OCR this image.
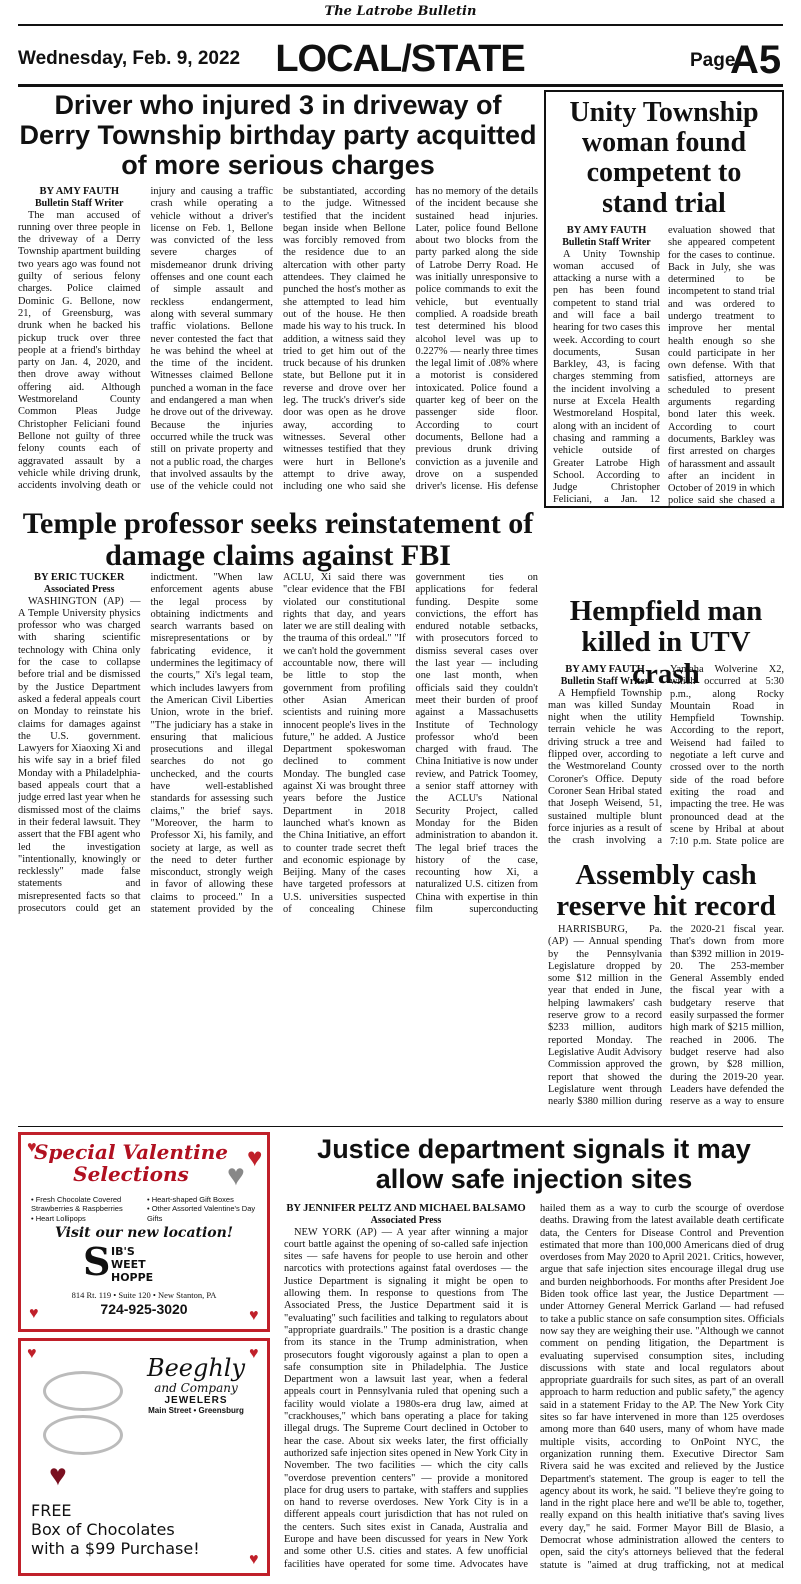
The Latrobe Bulletin
Wednesday, Feb. 9, 2022 LOCAL/STATE	Page
A5
Driver who injured 3 in driveway of Derry Township birthday party acquitted of more serious charges
BY AMY FAUTH
Bulletin Staff Writer

The man accused of running over three people in the driveway of a Derry Township apartment building two years ago was found not guilty of serious felony charges. Police claimed Dominic G. Bellone, now 21, of Greensburg, was drunk when he backed his pickup truck over three people at a friend's birthday party on Jan. 4, 2020, and then drove away without offering aid. Although Westmoreland County Common Pleas Judge Christopher Feliciani found Bellone not guilty of three felony counts each of aggravated assault by a vehicle while driving drunk, accidents involving death or injury and causing a traffic crash while operating a vehicle without a driver's license on Feb. 1, Bellone was convicted of the less severe charges of misdemeanor drunk driving offenses and one count each of simple assault and reckless endangerment, along with several summary traffic violations. Bellone never contested the fact that he was behind the wheel at the time of the incident. Witnesses claimed Bellone punched a woman in the face and endangered a man when he drove out of the driveway. Because the injuries occurred while the truck was still on private property and not a public road, the charges that involved assaults by the use of the vehicle could not be substantiated, according to the judge. Witnessed testified that the incident began inside when Bellone was forcibly removed from the residence due to an altercation with other party attendees. They claimed he punched the host's mother as she attempted to lead him out of the house. He then made his way to his truck. In addition, a witness said they tried to get him out of the truck because of his drunken state, but Bellone put it in reverse and drove over her leg. The truck's driver's side door was open as he drove away, according to witnesses. Several other witnesses testified that they were hurt in Bellone's attempt to drive away, including one who said she has no memory of the details of the incident because she sustained head injuries. Later, police found Bellone about two blocks from the party parked along the side of Latrobe Derry Road. He was initially unresponsive to police commands to exit the vehicle, but eventually complied. A roadside breath test determined his blood alcohol level was up to 0.227% — nearly three times the legal limit of .08% where a motorist is considered intoxicated. Police found a quarter keg of beer on the passenger side floor. According to court documents, Bellone had a previous drunk driving conviction as a juvenile and drove on a suspended driver's license. His defense

Unity Township woman found competent to stand trial
BY AMY FAUTH
Bulletin Staff Writer

A Unity Township woman accused of attacking a nurse with a pen has been found competent to stand trial and will face a bail hearing for two cases this week. According to court documents, Susan Barkley, 43, is facing charges stemming from the incident involving a nurse at Excela Health Westmoreland Hospital, along with an incident of chasing and ramming a vehicle outside of Greater Latrobe High School. According to Judge Christopher Feliciani, a Jan. 12 evaluation showed that she appeared competent for the cases to continue. Back in July, she was determined to be incompetent to stand trial and was ordered to undergo treatment to improve her mental health enough so she could participate in her own defense. With that satisfied, attorneys are scheduled to present arguments regarding bond later this week. According to court documents, Barkley was first arrested on charges of harassment and assault after an incident in October of 2019 in which police said she chased a

Temple professor seeks reinstatement of damage claims against FBI
BY ERIC TUCKER
Associated Press

WASHINGTON (AP) — A Temple University physics professor who was charged with sharing scientific technology with China only for the case to collapse before trial and be dismissed by the Justice Department asked a federal appeals court on Monday to reinstate his claims for damages against the U.S. government. Lawyers for Xiaoxing Xi and his wife say in a brief filed Monday with a Philadelphia-based appeals court that a judge erred last year when he dismissed most of the claims in their federal lawsuit. They assert that the FBI agent who led the investigation "intentionally, knowingly or recklessly" made false statements and misrepresented facts so that prosecutors could get an indictment. "When law enforcement agents abuse the legal process by obtaining indictments and search warrants based on misrepresentations or by fabricating evidence, it undermines the legitimacy of the courts," Xi's legal team, which includes lawyers from the American Civil Liberties Union, wrote in the brief. "The judiciary has a stake in ensuring that malicious prosecutions and illegal searches do not go unchecked, and the courts have well-established standards for assessing such claims," the brief says. "Moreover, the harm to Professor Xi, his family, and society at large, as well as the need to deter further misconduct, strongly weigh in favor of allowing these claims to proceed." In a statement provided by the ACLU, Xi said there was "clear evidence that the FBI violated our constitutional rights that day, and years later we are still dealing with the trauma of this ordeal." "If we can't hold the government accountable now, there will be little to stop the government from profiling other Asian American scientists and ruining more innocent people's lives in the future," he added. A Justice Department spokeswoman declined to comment Monday. The bungled case against Xi was brought three years before the Justice Department in 2018 launched what's known as the China Initiative, an effort to counter trade secret theft and economic espionage by Beijing. Many of the cases have targeted professors at U.S. universities suspected of concealing Chinese government ties on applications for federal funding. Despite some convictions, the effort has endured notable setbacks, with prosecutors forced to dismiss several cases over the last year — including one last month, when officials said they couldn't meet their burden of proof against a Massachusetts Institute of Technology professor who'd been charged with fraud. The China Initiative is now under review, and Patrick Toomey, a senior staff attorney with the ACLU's National Security Project, called Monday for the Biden administration to abandon it. The legal brief traces the history of the case, recounting how Xi, a naturalized U.S. citizen from China with expertise in thin film superconducting

Hempfield man killed in UTV crash
BY AMY FAUTH
Bulletin Staff Writer

A Hempfield Township man was killed Sunday night when the utility terrain vehicle he was driving struck a tree and flipped over, according to the Westmoreland County Coroner's Office. Deputy Coroner Sean Hribal stated that Joseph Weisend, 51, sustained multiple blunt force injuries as a result of the crash involving a Yamaha Wolverine X2, which occurred at 5:30 p.m., along Rocky Mountain Road in Hempfield Township. According to the report, Weisend had failed to negotiate a left curve and crossed over to the north side of the road before exiting the road and impacting the tree. He was pronounced dead at the scene by Hribal at about 7:10 p.m. State police are

Assembly cash reserve hit record

HARRISBURG, Pa. (AP) — Annual spending by the Pennsylvania Legislature dropped by some $12 million in the year that ended in June, helping lawmakers' cash reserve grow to a record $233 million, auditors reported Monday. The Legislative Audit Advisory Commission approved the report that showed the Legislature went through nearly $380 million during the 2020-21 fiscal year. That's down from more than $392 million in 2019-20. The 253-member General Assembly ended the fiscal year with a budgetary reserve that easily surpassed the former high mark of $215 million, reached in 2006. The budget reserve had also grown, by $28 million, during the 2019-20 year. Leaders have defended the reserve as a way to ensure

♥
♥
♥
♥	♥
Special Valentine Selections
• Fresh Chocolate Covered Strawberries & Raspberries
• Heart Lollipops
• Heart-shaped Gift Boxes
• Other Assorted Valentine's Day Gifts
Visit our new location!
S IB'S
WEET
HOPPE
814 Rt. 119 • Suite 120 • New Stanton, PA
724-925-3020
♥	♥
♥
♥
Beeghly
and Company
JEWELERS
Main Street • Greensburg
FREE
Box of Chocolates
with a $99 Purchase!
Justice department signals it may allow safe injection sites
BY JENNIFER PELTZ AND MICHAEL BALSAMO
Associated Press

NEW YORK (AP) — A year after winning a major court battle against the opening of so-called safe injection sites — safe havens for people to use heroin and other narcotics with protections against fatal overdoses — the Justice Department is signaling it might be open to allowing them. In response to questions from The Associated Press, the Justice Department said it is "evaluating" such facilities and talking to regulators about "appropriate guardrails." The position is a drastic change from its stance in the Trump administration, when prosecutors fought vigorously against a plan to open a safe consumption site in Philadelphia. The Justice Department won a lawsuit last year, when a federal appeals court in Pennsylvania ruled that opening such a facility would violate a 1980s-era drug law, aimed at "crackhouses," which bans operating a place for taking illegal drugs. The Supreme Court declined in October to hear the case. About six weeks later, the first officially authorized safe injection sites opened in New York City in November. The two facilities — which the city calls "overdose prevention centers" — provide a monitored place for drug users to partake, with staffers and supplies on hand to reverse overdoses. New York City is in a different appeals court jurisdiction that has not ruled on the centers. Such sites exist in Canada, Australia and Europe and have been discussed for years in New York and some other U.S. cities and states. A few unofficial facilities have operated for some time. Advocates have hailed them as a way to curb the scourge of overdose deaths. Drawing from the latest available death certificate data, the Centers for Disease Control and Prevention estimated that more than 100,000 Americans died of drug overdoses from May 2020 to April 2021. Critics, however, argue that safe injection sites encourage illegal drug use and burden neighborhoods. For months after President Joe Biden took office last year, the Justice Department — under Attorney General Merrick Garland — had refused to take a public stance on safe consumption sites. Officials now say they are weighing their use. "Although we cannot comment on pending litigation, the Department is evaluating supervised consumption sites, including discussions with state and local regulators about appropriate guardrails for such sites, as part of an overall approach to harm reduction and public safety," the agency said in a statement Friday to the AP. The New York City sites so far have intervened in more than 125 overdoses among more than 640 users, many of whom have made multiple visits, according to OnPoint NYC, the organization running them. Executive Director Sam Rivera said he was excited and relieved by the Justice Department's statement. The group is eager to tell the agency about its work, he said. "I believe they're going to land in the right place here and we'll be able to, together, really expand on this health initiative that's saving lives every day," he said. Former Mayor Bill de Blasio, a Democrat whose administration allowed the centers to open, said the city's attorneys believed that the federal statute is "aimed at drug trafficking, not at medical
